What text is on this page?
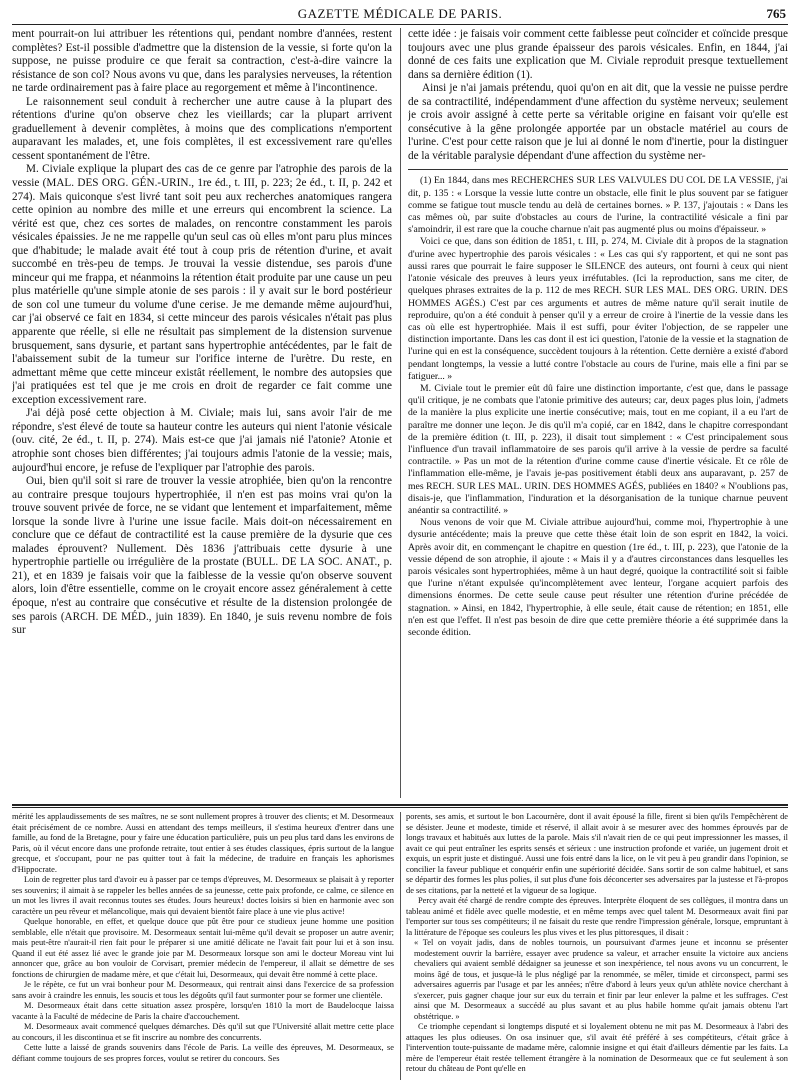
GAZETTE MÉDICALE DE PARIS.	765

ment pourrait-on lui attribuer les rétentions qui, pendant nombre d'années, restent complètes? Est-il possible d'admettre que la distension de la vessie, si forte qu'on la suppose, ne puisse produire ce que ferait sa contraction, c'est-à-dire vaincre la résistance de son col? Nous avons vu que, dans les paralysies nerveuses, la rétention ne tarde ordinairement pas à faire place au regorgement et même à l'incontinence.

Le raisonnement seul conduit à rechercher une autre cause à la plupart des rétentions d'urine qu'on observe chez les vieillards; car la plupart arrivent graduellement à devenir complètes, à moins que des complications n'emportent auparavant les malades, et, une fois complètes, il est excessivement rare qu'elles cessent spontanément de l'être.

M. Civiale explique la plupart des cas de ce genre par l'atrophie des parois de la vessie (MAL. DES ORG. GÉN.-URIN., 1re éd., t. III, p. 223; 2e éd., t. II, p. 242 et 274). Mais quiconque s'est livré tant soit peu aux recherches anatomiques rangera cette opinion au nombre des mille et une erreurs qui encombrent la science. La vérité est que, chez ces sortes de malades, on rencontre constamment les parois vésicales épaissies. Je ne me rappelle qu'un seul cas où elles m'ont paru plus minces que d'habitude; le malade avait été tout à coup pris de rétention d'urine, et avait succombé en très-peu de temps. Je trouvai la vessie distendue, ses parois d'une minceur qui me frappa, et néanmoins la rétention était produite par une cause un peu plus matérielle qu'une simple atonie de ses parois : il y avait sur le bord postérieur de son col une tumeur du volume d'une cerise. Je me demande même aujourd'hui, car j'ai observé ce fait en 1834, si cette minceur des parois vésicales n'était pas plus apparente que réelle, si elle ne résultait pas simplement de la distension survenue brusquement, sans dysurie, et partant sans hypertrophie antécédentes, par le fait de l'abaissement subit de la tumeur sur l'orifice interne de l'urètre. Du reste, en admettant même que cette minceur existât réellement, le nombre des autopsies que j'ai pratiquées est tel que je me crois en droit de regarder ce fait comme une exception excessivement rare.

J'ai déjà posé cette objection à M. Civiale; mais lui, sans avoir l'air de me répondre, s'est élevé de toute sa hauteur contre les auteurs qui nient l'atonie vésicale (ouv. cité, 2e éd., t. II, p. 274). Mais est-ce que j'ai jamais nié l'atonie? Atonie et atrophie sont choses bien différentes; j'ai toujours admis l'atonie de la vessie; mais, aujourd'hui encore, je refuse de l'expliquer par l'atrophie des parois.

Oui, bien qu'il soit si rare de trouver la vessie atrophiée, bien qu'on la rencontre au contraire presque toujours hypertrophiée, il n'en est pas moins vrai qu'on la trouve souvent privée de force, ne se vidant que lentement et imparfaitement, même lorsque la sonde livre à l'urine une issue facile. Mais doit-on nécessairement en conclure que ce défaut de contractilité est la cause première de la dysurie que ces malades éprouvent? Nullement. Dès 1836 j'attribuais cette dysurie à une hypertrophie partielle ou irrégulière de la prostate (BULL. DE LA SOC. ANAT., p. 21), et en 1839 je faisais voir que la faiblesse de la vessie qu'on observe souvent alors, loin d'être essentielle, comme on le croyait encore assez généralement à cette époque, n'est au contraire que consécutive et résulte de la distension prolongée de ses parois (ARCH. DE MÉD., juin 1839). En 1840, je suis revenu nombre de fois sur

cette idée : je faisais voir comment cette faiblesse peut coïncider et coïncide presque toujours avec une plus grande épaisseur des parois vésicales. Enfin, en 1844, j'ai donné de ces faits une explication que M. Civiale reproduit presque textuellement dans sa dernière édition (1).

Ainsi je n'ai jamais prétendu, quoi qu'on en ait dit, que la vessie ne puisse perdre de sa contractilité, indépendamment d'une affection du système nerveux; seulement je crois avoir assigné à cette perte sa véritable origine en faisant voir qu'elle est consécutive à la gêne prolongée apportée par un obstacle matériel au cours de l'urine. C'est pour cette raison que je lui ai donné le nom d'inertie, pour la distinguer de la véritable paralysie dépendant d'une affection du système ner-

(1) En 1844, dans mes RECHERCHES SUR LES VALVULES DU COL DE LA VESSIE, j'ai dit, p. 135 : « Lorsque la vessie lutte contre un obstacle, elle finit le plus souvent par se fatiguer comme se fatigue tout muscle tendu au delà de certaines bornes. » P. 137, j'ajoutais : « Dans les cas mêmes où, par suite d'obstacles au cours de l'urine, la contractilité vésicale a fini par s'amoindrir, il est rare que la couche charnue n'ait pas augmenté plus ou moins d'épaisseur. »

Voici ce que, dans son édition de 1851, t. III, p. 274, M. Civiale dit à propos de la stagnation d'urine avec hypertrophie des parois vésicales : « Les cas qui s'y rapportent, et qui ne sont pas aussi rares que pourrait le faire supposer le SILENCE des auteurs, ont fourni à ceux qui nient l'atonie vésicale des preuves à leurs yeux irréfutables. (Ici la reproduction, sans me citer, de quelques phrases extraites de la p. 112 de mes RECH. SUR LES MAL. DES ORG. URIN. DES HOMMES AGÉS.) C'est par ces arguments et autres de même nature qu'il serait inutile de reproduire, qu'on a été conduit à penser qu'il y a erreur de croire à l'inertie de la vessie dans les cas où elle est hypertrophiée. Mais il est suffi, pour éviter l'objection, de se rappeler une distinction importante. Dans les cas dont il est ici question, l'atonie de la vessie et la stagnation de l'urine qui en est la conséquence, succèdent toujours à la rétention. Cette dernière a existé d'abord pendant longtemps, la vessie a lutté contre l'obstacle au cours de l'urine, mais elle a fini par se fatiguer... »

M. Civiale tout le premier eût dû faire une distinction importante, c'est que, dans le passage qu'il critique, je ne combats que l'atonie primitive des auteurs; car, deux pages plus loin, j'admets de la manière la plus explicite une inertie consécutive; mais, tout en me copiant, il a eu l'art de paraître me donner une leçon. Je dis qu'il m'a copié, car en 1842, dans le chapitre correspondant de la première édition (t. III, p. 223), il disait tout simplement : « C'est principalement sous l'influence d'un travail inflammatoire de ses parois qu'il arrive à la vessie de perdre sa faculté contractile. » Pas un mot de la rétention d'urine comme cause d'inertie vésicale. Et ce rôle de l'inflammation elle-même, je l'avais je-pas positivement établi deux ans auparavant, p. 257 de mes RECH. SUR LES MAL. URIN. DES HOMMES AGÉS, publiées en 1840? « N'oublions pas, disais-je, que l'inflammation, l'induration et la désorganisation de la tunique charnue peuvent anéantir sa contractilité. »

Nous venons de voir que M. Civiale attribue aujourd'hui, comme moi, l'hypertrophie à une dysurie antécédente; mais la preuve que cette thèse était loin de son esprit en 1842, la voici. Après avoir dit, en commençant le chapitre en question (1re éd., t. III, p. 223), que l'atonie de la vessie dépend de son atrophie, il ajoute : « Mais il y a d'autres circonstances dans lesquelles les parois vésicales sont hypertrophiées, même à un haut degré, quoique la contractilité soit si faible que l'urine n'étant expulsée qu'incomplètement avec lenteur, l'organe acquiert parfois des dimensions énormes. De cette seule cause peut résulter une rétention d'urine précédée de stagnation. » Ainsi, en 1842, l'hypertrophie, à elle seule, était cause de rétention; en 1851, elle n'en est que l'effet. Il n'est pas besoin de dire que cette première théorie a été supprimée dans la seconde édition.

mérité les applaudissements de ses maîtres, ne se sont nullement propres à trouver des clients; et M. Desormeaux était précisément de ce nombre. Aussi en attendant des temps meilleurs, il s'estima heureux d'entrer dans une famille, au fond de la Bretagne, pour y faire une éducation particulière, puis un peu plus tard dans les environs de Paris, où il vécut encore dans une profonde retraite, tout entier à ses études classiques, épris surtout de la langue grecque, et s'occupant, pour ne pas quitter tout à fait la médecine, de traduire en français les aphorismes d'Hippocrate.

Loin de regretter plus tard d'avoir eu à passer par ce temps d'épreuves, M. Desormeaux se plaisait à y reporter ses souvenirs; il aimait à se rappeler les belles années de sa jeunesse, cette paix profonde, ce calme, ce silence en un mot les livres il avait reconnus toutes ses études. Jours heureux! doctes loisirs si bien en harmonie avec son caractère un peu rêveur et mélancolique, mais qui devaient bientôt faire place à une vie plus active!

Quelque honorable, en effet, et quelque douce que pût être pour ce studieux jeune homme une position semblable, elle n'était que provisoire. M. Desormeaux sentait lui-même qu'il devait se proposer un autre avenir; mais peut-être n'aurait-il rien fait pour le préparer si une amitié délicate ne l'avait fait pour lui et à son insu. Quand il eut été assez lié avec le grande joie par M. Desormeaux lorsque son ami le docteur Moreau vint lui annoncer que, grâce au bon vouloir de Corvisart, premier médecin de l'empereur, il allait se démettre de ses fonctions de chirurgien de madame mère, et que c'était lui, Desormeaux, qui devait être nommé à cette place.

Je le répète, ce fut un vrai bonheur pour M. Desormeaux, qui rentrait ainsi dans l'exercice de sa profession sans avoir à craindre les ennuis, les soucis et tous les dégoûts qu'il faut surmonter pour se former une clientèle.

M. Desormeaux était dans cette situation assez prospère, lorsqu'en 1810 la mort de Baudelocque laissa vacante à la Faculté de médecine de Paris la chaire d'accouchement.

M. Desormeaux avait commencé quelques démarches. Dès qu'il sut que l'Université allait mettre cette place au concours, il les discontinua et se fit inscrire au nombre des concurrents.

Cette lutte a laissé de grands souvenirs dans l'école de Paris. La veille des épreuves, M. Desormeaux, se défiant comme toujours de ses propres forces, voulut se retirer du concours. Ses

porents, ses amis, et surtout le bon Lacournère, dont il avait épousé la fille, firent si bien qu'ils l'empêchèrent de se désister. Jeune et modeste, timide et réservé, il allait avoir à se mesurer avec des hommes éprouvés par de longs travaux et habitués aux luttes de la parole. Mais s'il n'avait rien de ce qui peut impressionner les masses, il avait ce qui peut entraîner les esprits sensés et sérieux : une instruction profonde et variée, un jugement droit et exquis, un esprit juste et distingué. Aussi une fois entré dans la lice, on le vit peu à peu grandir dans l'opinion, se concilier la faveur publique et conquérir enfin une supériorité décidée. Sans sortir de son calme habituel, et sans se départir des formes les plus polies, il sut plus d'une fois déconcerter ses adversaires par la justesse et l'à-propos de ses citations, par la netteté et la vigueur de sa logique.

Percy avait été chargé de rendre compte des épreuves. Interprète éloquent de ses collègues, il montra dans un tableau animé et fidèle avec quelle modestie, et en même temps avec quel talent M. Desormeaux avait fini par l'emporter sur tous ses compétiteurs; il ne faisait du reste que rendre l'impression générale, lorsque, empruntant à la littérature de l'époque ses couleurs les plus vives et les plus pittoresques, il disait :

« Tel on voyait jadis, dans de nobles tournois, un poursuivant d'armes jeune et inconnu se présenter modestement ouvrir la barrière, essayer avec prudence sa valeur, et arracher ensuite la victoire aux anciens chevaliers qui avaient semblé dédaigner sa jeunesse et son inexpérience, tel nous avons vu un concurrent, le moins âgé de tous, et jusque-là le plus négligé par la renommée, se mêler, timide et circonspect, parmi ses adversaires aguerris par l'usage et par les années; n'être d'abord à leurs yeux qu'un athlète novice cherchant à s'exercer, puis gagner chaque jour sur eux du terrain et finir par leur enlever la palme et les suffrages. C'est ainsi que M. Desormeaux a succédé au plus savant et au plus habile homme qu'ait jamais obtenu l'art obstétrique. »

Ce triomphe cependant si longtemps disputé et si loyalement obtenu ne mit pas M. Desormeaux à l'abri des attaques les plus odieuses. On osa insinuer que, s'il avait été préféré à ses compétiteurs, c'était grâce à l'intervention toute-puissante de madame mère, calomnie insigne et qui était d'ailleurs démentie par les faits. La mère de l'empereur était restée tellement étrangère à la nomination de Desormeaux que ce fut seulement à son retour du château de Pont qu'elle en
